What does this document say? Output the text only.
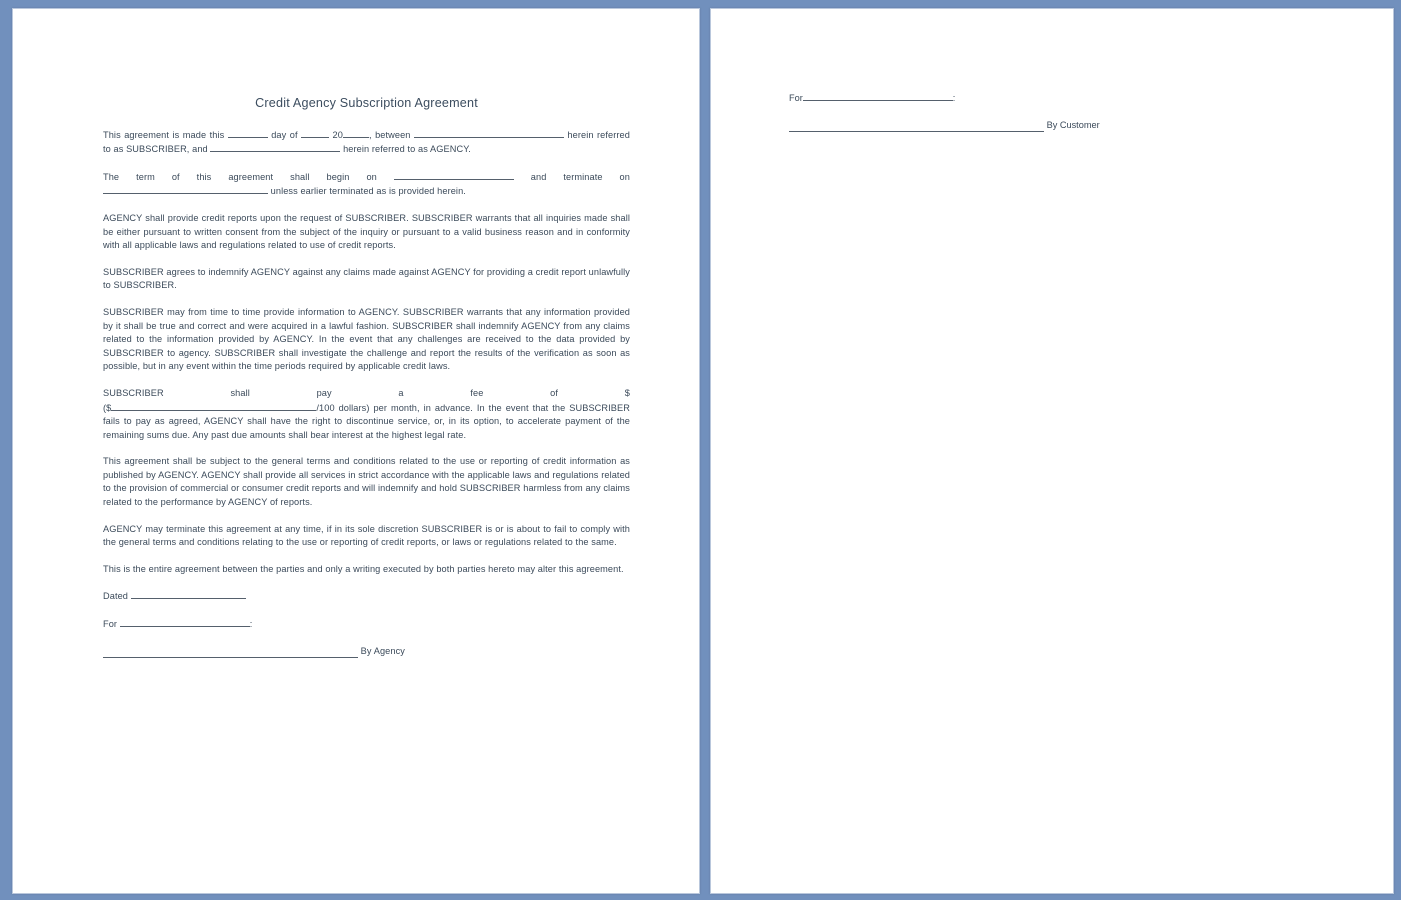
Credit Agency Subscription Agreement

This agreement is made this	day of	20	, between	herein referred to as SUBSCRIBER, and	herein referred to as AGENCY.

The term of this agreement shall begin on	and terminate on  unless earlier terminated as is provided herein.

AGENCY shall provide credit reports upon the request of SUBSCRIBER. SUBSCRIBER warrants that all inquiries made shall be either pursuant to written consent from the subject of the inquiry or pursuant to a valid business reason and in conformity with all applicable laws and regulations related to use of credit reports.

SUBSCRIBER agrees to indemnify AGENCY against any claims made against AGENCY for providing a credit report unlawfully to SUBSCRIBER.

SUBSCRIBER may from time to time provide information to AGENCY. SUBSCRIBER warrants that any information provided by it shall be true and correct and were acquired in a lawful fashion. SUBSCRIBER shall indemnify AGENCY from any claims related to the information provided by AGENCY. In the event that any challenges are received to the data provided by SUBSCRIBER to agency. SUBSCRIBER shall investigate the challenge and report the results of the verification as soon as possible, but in any event within the time periods required by applicable credit laws.

SUBSCRIBER	shall	pay	a	fee	of	$
($	/100 dollars) per month, in advance. In the event that the SUBSCRIBER fails to pay as agreed, AGENCY shall have the right to discontinue service, or, in its option, to accelerate payment of the remaining sums due. Any past due amounts shall bear interest at the highest legal rate.

This agreement shall be subject to the general terms and conditions related to the use or reporting of credit information as published by AGENCY. AGENCY shall provide all services in strict accordance with the applicable laws and regulations related to the provision of commercial or consumer credit reports and will indemnify and hold SUBSCRIBER harmless from any claims related to the performance by AGENCY of reports.

AGENCY may terminate this agreement at any time, if in its sole discretion SUBSCRIBER is or is about to fail to comply with the general terms and conditions relating to the use or reporting of credit reports, or laws or regulations related to the same.

This is the entire agreement between the parties and only a writing executed by both parties hereto may alter this agreement.

Dated

For	:

By Agency

For	:

By Customer
